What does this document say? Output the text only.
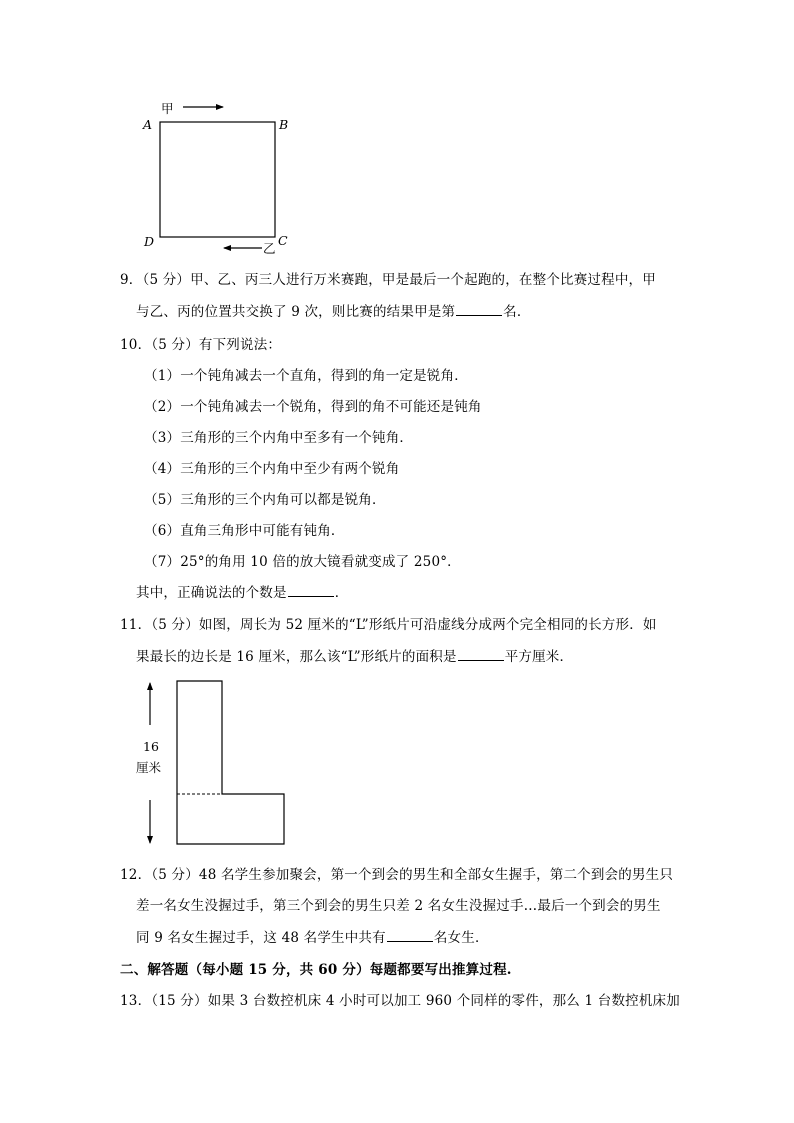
A	B
C
D
甲
乙
9．（5 分）甲、乙、丙三人进行万米赛跑，甲是最后一个起跑的，在整个比赛过程中，甲
与乙、丙的位置共交换了 9 次，则比赛的结果甲是第	名．
10．（5 分）有下列说法：
（1）一个钝角减去一个直角，得到的角一定是锐角．
（2）一个钝角减去一个锐角，得到的角不可能还是钝角
（3）三角形的三个内角中至多有一个钝角．
（4）三角形的三个内角中至少有两个锐角
（5）三角形的三个内角可以都是锐角．
（6）直角三角形中可能有钝角．
（7）25°的角用 10 倍的放大镜看就变成了 250°．
其中，正确说法的个数是	．
11．（5 分）如图，周长为 52 厘米的“L”形纸片可沿虚线分成两个完全相同的长方形．如
果最长的边长是 16 厘米，那么该“L”形纸片的面积是	平方厘米．
16
厘米
12．（5 分）48 名学生参加聚会，第一个到会的男生和全部女生握手，第二个到会的男生只
差一名女生没握过手，第三个到会的男生只差 2 名女生没握过手…最后一个到会的男生
同 9 名女生握过手，这 48 名学生中共有	名女生．
二、解答题（每小题 15 分，共 60 分）每题都要写出推算过程.
13．（15 分）如果 3 台数控机床 4 小时可以加工 960 个同样的零件，那么 1 台数控机床加
